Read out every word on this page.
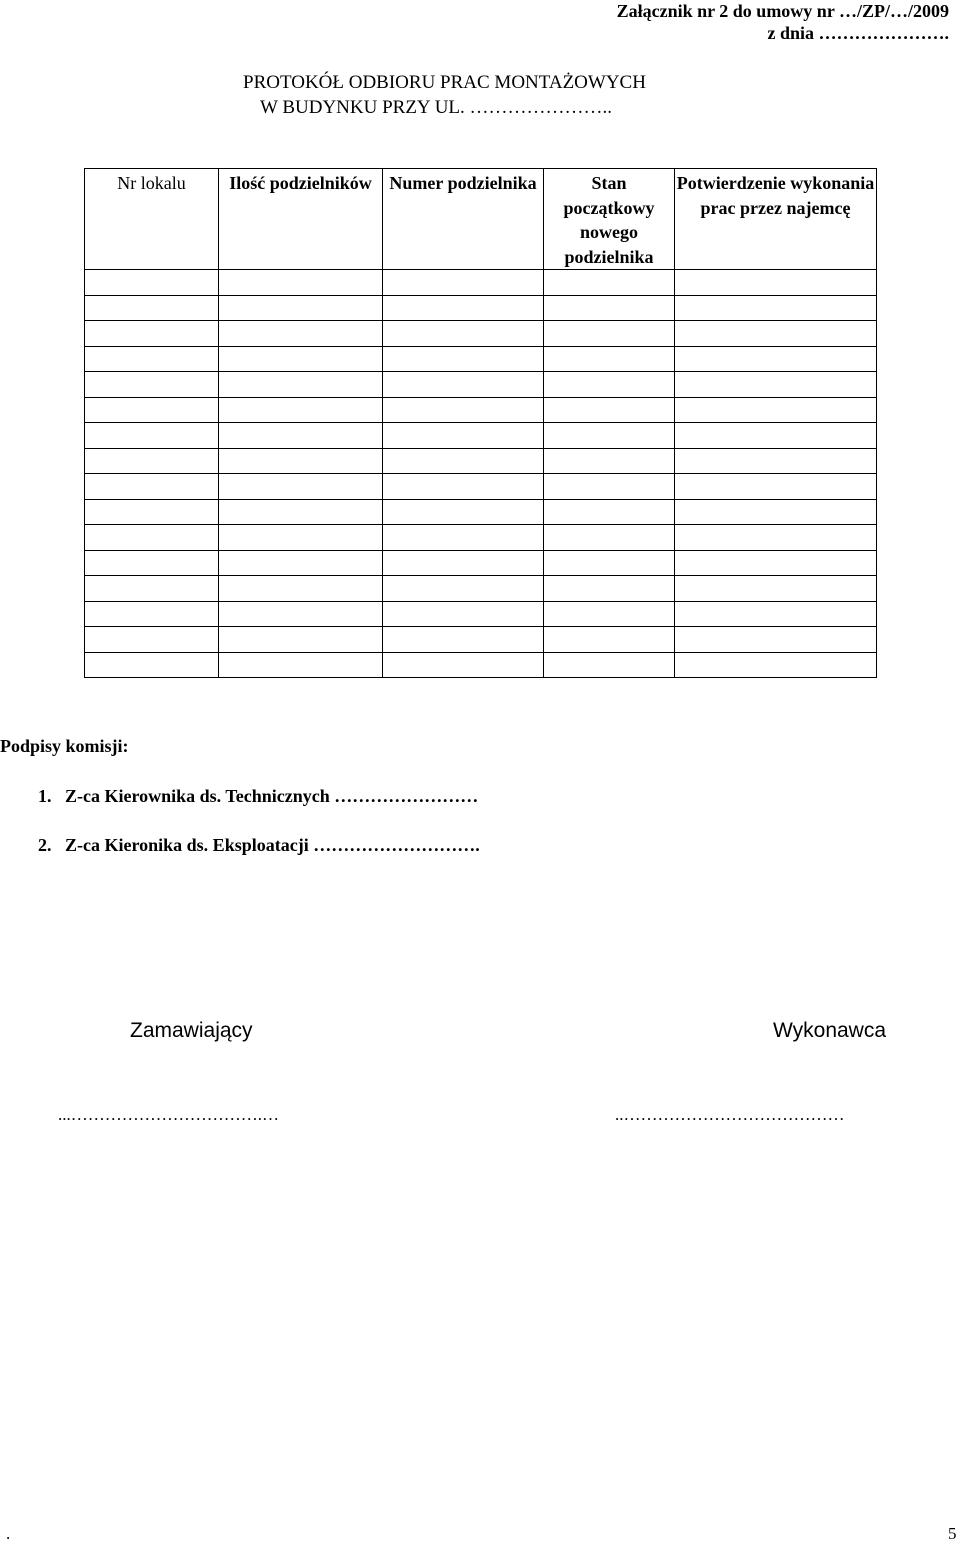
Załącznik nr 2 do umowy nr …/ZP/…/2009
z dnia ………………….
PROTOKÓŁ ODBIORU PRAC MONTAŻOWYCH
W BUDYNKU PRZY UL. …………………..
Nr lokalu	Ilość podzielników	Numer podzielnika	Stan początkowy nowego podzielnika	Potwierdzenie wykonania prac przez najemcę

Podpisy komisji:
1.   Z-ca Kierownika ds. Technicznych ……………………
2.   Z-ca Kieronika ds. Eksploatacji ……………………….
Zamawiający	Wykonawca
...…………………………….…	..…………………………………
.	5
